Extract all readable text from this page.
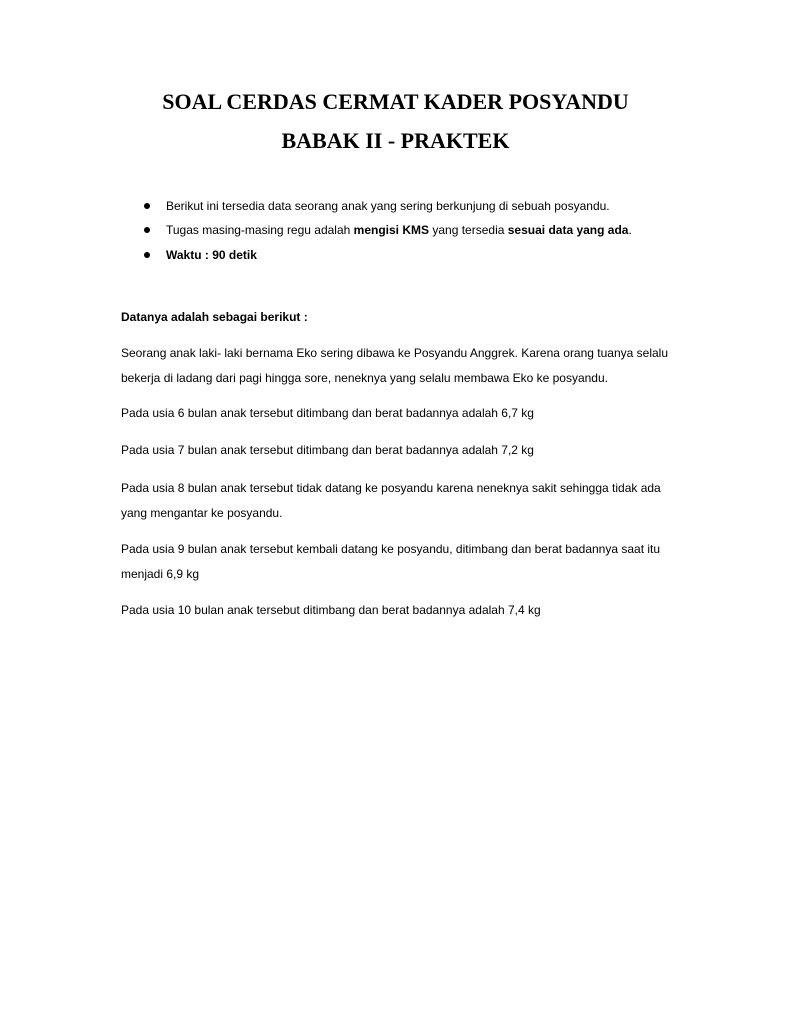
SOAL CERDAS CERMAT KADER POSYANDU
BABAK II - PRAKTEK
Berikut ini tersedia data seorang anak yang sering berkunjung di sebuah posyandu.
Tugas masing-masing regu adalah mengisi KMS yang tersedia sesuai data yang ada.
Waktu : 90 detik

Datanya adalah sebagai berikut :

Seorang anak laki- laki bernama Eko sering dibawa ke Posyandu Anggrek. Karena orang tuanya selalu

bekerja di ladang dari pagi hingga sore, neneknya yang selalu membawa Eko ke posyandu.

Pada usia 6 bulan anak tersebut ditimbang dan berat badannya adalah 6,7 kg

Pada usia 7 bulan anak tersebut ditimbang dan berat badannya adalah 7,2 kg

Pada usia 8 bulan anak tersebut tidak datang ke posyandu karena neneknya sakit sehingga tidak ada

yang mengantar ke posyandu.

Pada usia 9 bulan anak tersebut kembali datang ke posyandu, ditimbang dan berat badannya saat itu

menjadi 6,9 kg

Pada usia 10 bulan anak tersebut ditimbang dan berat badannya adalah 7,4 kg
